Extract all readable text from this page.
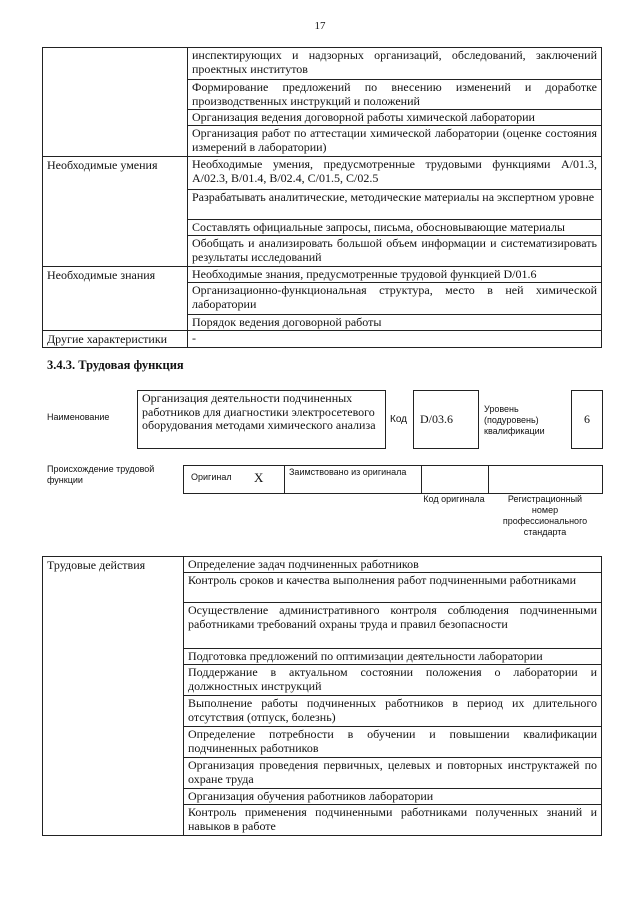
17
	инспектирующих и надзорных организаций, обследований, заключений проектных институтов
	Формирование предложений по внесению изменений и доработке производственных инструкций и положений
	Организация ведения договорной работы химической лаборатории
	Организация работ по аттестации химической лаборатории (оценке состояния измерений в лаборатории)
Необходимые умения	Необходимые умения, предусмотренные трудовыми функциями А/01.3, А/02.3, В/01.4, В/02.4, С/01.5, С/02.5
	Разрабатывать аналитические, методические материалы на экспертном уровне
	Составлять официальные запросы, письма, обосновывающие материалы
	Обобщать и анализировать большой объем информации и систематизировать результаты исследований
Необходимые знания	Необходимые знания, предусмотренные трудовой функцией D/01.6
	Организационно-функциональная структура, место в ней химической лаборатории
	Порядок ведения договорной работы
Другие характеристики	-
3.4.3. Трудовая функция
Наименование
Организация деятельности подчиненных работников для диагностики электросетевого оборудования методами химического анализа	Код D/03.6
Уровень (подуровень) квалификации
6
Происхождение трудовой функции	Оригинал X	Заимствовано из оригинала
Код оригинала	Регистрационный номер профессионального стандарта
Трудовые действия	Определение задач подчиненных работников
Контроль сроков и качества выполнения работ подчиненными работниками
Осуществление административного контроля соблюдения подчиненными работниками требований охраны труда и правил безопасности
Подготовка предложений по оптимизации деятельности лаборатории
Поддержание в актуальном состоянии положения о лаборатории и должностных инструкций
Выполнение работы подчиненных работников в период их длительного отсутствия (отпуск, болезнь)
Определение потребности в обучении и повышении квалификации подчиненных работников
Организация проведения первичных, целевых и повторных инструктажей по охране труда
Организация обучения работников лаборатории
Контроль применения подчиненными работниками полученных знаний и навыков в работе
